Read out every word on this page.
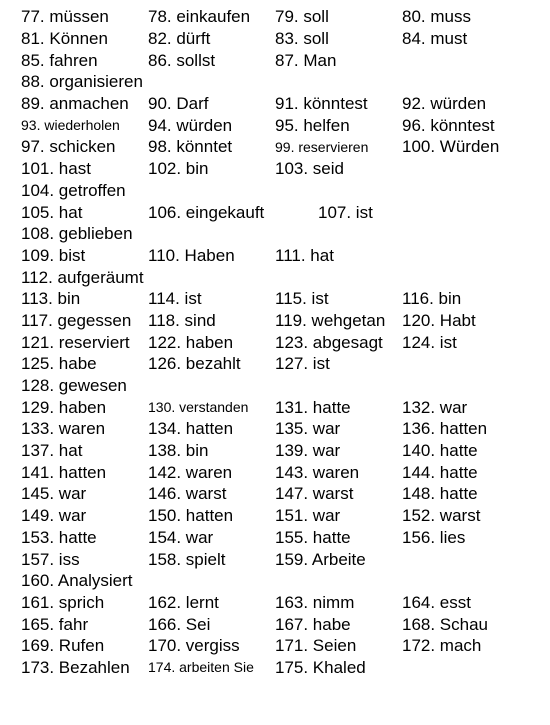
77. müssen	78. einkaufen	79. soll	80. muss
81. Können	82. dürft	83. soll	84. must
85. fahren	86. sollst	87. Man
88. organisieren
89. anmachen	90. Darf	91. könntest	92. würden
93. wiederholen	94. würden	95. helfen	96. könntest
97. schicken	98. könntet	99. reservieren	100. Würden
101. hast	102. bin	103. seid
104. getroffen
105. hat	106. eingekauft	107. ist
108. geblieben
109. bist	110. Haben	111. hat
112. aufgeräumt
113. bin	114. ist	115. ist	116. bin
117. gegessen 118. sind	119. wehgetan 120. Habt
121. reserviert	122. haben	123. abgesagt	124. ist
125. habe	126. bezahlt	127. ist
128. gewesen
129. haben	130. verstanden	131. hatte	132. war
133. waren	134. hatten	135. war	136. hatten
137. hat	138. bin	139. war	140. hatte
141. hatten	142. waren	143. waren	144. hatte
145. war	146. warst	147. warst	148. hatte
149. war	150. hatten	151. war	152. warst
153. hatte	154. war	155. hatte	156. lies
157. iss	158. spielt	159. Arbeite
160. Analysiert
161. sprich	162. lernt	163. nimm	164. esst
165. fahr	166. Sei	167. habe	168. Schau
169. Rufen	170. vergiss	171. Seien	172. mach
173. Bezahlen	174. arbeiten Sie	175. Khaled
